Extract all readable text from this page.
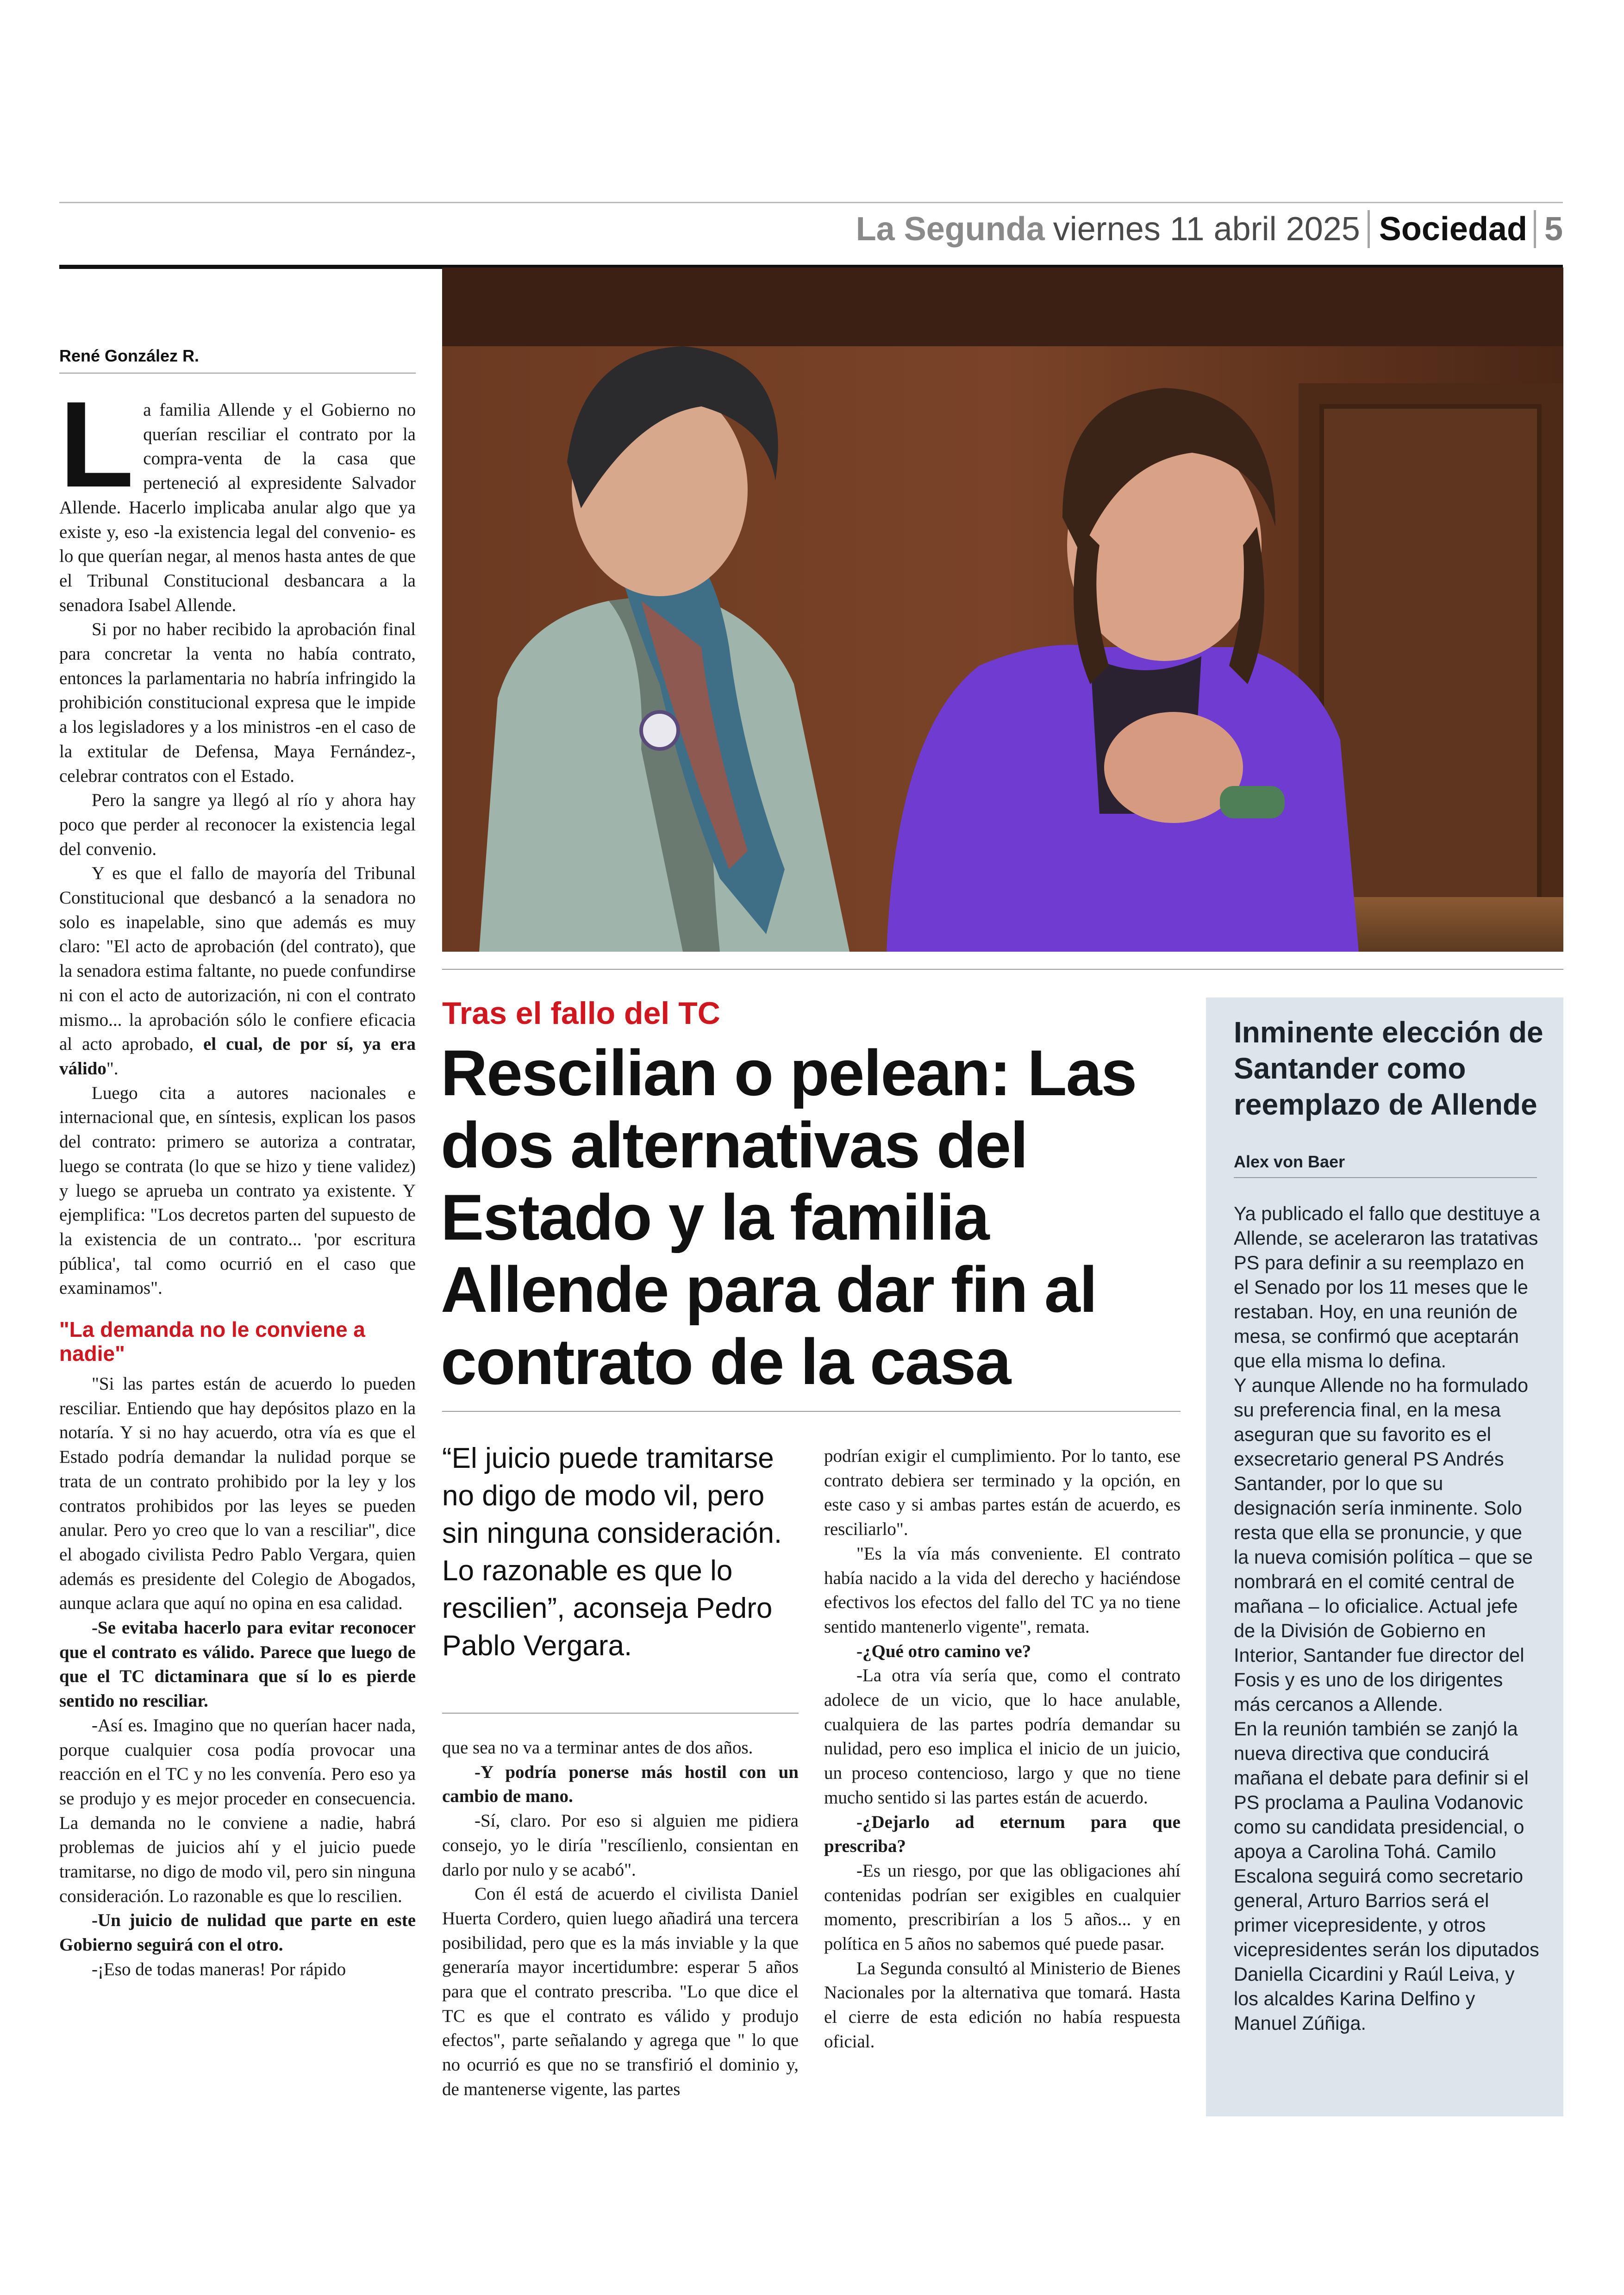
La Segunda viernes 11 abril 2025 Sociedad 5
René González R.

La familia Allende y el Gobierno no querían resciliar el contrato por la compra-venta de la casa que perteneció al expresidente Salvador Allende. Hacerlo implicaba anular algo que ya existe y, eso -la existencia legal del convenio- es lo que querían negar, al menos hasta antes de que el Tribunal Constitucional desbancara a la senadora Isabel Allende.

Si por no haber recibido la aprobación final para concretar la venta no había contrato, entonces la parlamentaria no habría infringido la prohibición constitucional expresa que le impide a los legisladores y a los ministros -en el caso de la extitular de Defensa, Maya Fernández-, celebrar contratos con el Estado.

Pero la sangre ya llegó al río y ahora hay poco que perder al reconocer la existencia legal del convenio.

Y es que el fallo de mayoría del Tribunal Constitucional que desbancó a la senadora no solo es inapelable, sino que además es muy claro: "El acto de aprobación (del contrato), que la senadora estima faltante, no puede confundirse ni con el acto de autorización, ni con el contrato mismo... la aprobación sólo le confiere eficacia al acto aprobado, el cual, de por sí, ya era válido".

Luego cita a autores nacionales e internacional que, en síntesis, explican los pasos del contrato: primero se autoriza a contratar, luego se contrata (lo que se hizo y tiene validez) y luego se aprueba un contrato ya existente. Y ejemplifica: "Los decretos parten del supuesto de la existencia de un contrato... 'por escritura pública', tal como ocurrió en el caso que examinamos".

"La demanda no le conviene a nadie"

"Si las partes están de acuerdo lo pueden resciliar. Entiendo que hay depósitos plazo en la notaría. Y si no hay acuerdo, otra vía es que el Estado podría demandar la nulidad porque se trata de un contrato prohibido por la ley y los contratos prohibidos por las leyes se pueden anular. Pero yo creo que lo van a resciliar", dice el abogado civilista Pedro Pablo Vergara, quien además es presidente del Colegio de Abogados, aunque aclara que aquí no opina en esa calidad.

-Se evitaba hacerlo para evitar reconocer que el contrato es válido. Parece que luego de que el TC dictaminara que sí lo es pierde sentido no resciliar.

-Así es. Imagino que no querían hacer nada, porque cualquier cosa podía provocar una reacción en el TC y no les convenía. Pero eso ya se produjo y es mejor proceder en consecuencia. La demanda no le conviene a nadie, habrá problemas de juicios ahí y el juicio puede tramitarse, no digo de modo vil, pero sin ninguna consideración. Lo razonable es que lo rescilien.

-Un juicio de nulidad que parte en este Gobierno seguirá con el otro.

-¡Eso de todas maneras! Por rápido

Tras el fallo del TC
Rescilian o pelean: Las dos alternativas del Estado y la familia Allende para dar fin al contrato de la casa
“El juicio puede tramitarse no digo de modo vil, pero sin ninguna consideración. Lo razonable es que lo rescilien”, aconseja Pedro Pablo Vergara.

que sea no va a terminar antes de dos años.

-Y podría ponerse más hostil con un cambio de mano.

-Sí, claro. Por eso si alguien me pidiera consejo, yo le diría "rescílienlo, consientan en darlo por nulo y se acabó".

Con él está de acuerdo el civilista Daniel Huerta Cordero, quien luego añadirá una tercera posibilidad, pero que es la más inviable y la que generaría mayor incertidumbre: esperar 5 años para que el contrato prescriba. "Lo que dice el TC es que el contrato es válido y produjo efectos", parte señalando y agrega que " lo que no ocurrió es que no se transfirió el dominio y, de mantenerse vigente, las partes

podrían exigir el cumplimiento. Por lo tanto, ese contrato debiera ser terminado y la opción, en este caso y si ambas partes están de acuerdo, es resciliarlo".

"Es la vía más conveniente. El contrato había nacido a la vida del derecho y haciéndose efectivos los efectos del fallo del TC ya no tiene sentido mantenerlo vigente", remata.

-¿Qué otro camino ve?

-La otra vía sería que, como el contrato adolece de un vicio, que lo hace anulable, cualquiera de las partes podría demandar su nulidad, pero eso implica el inicio de un juicio, un proceso contencioso, largo y que no tiene mucho sentido si las partes están de acuerdo.

-¿Dejarlo ad eternum para que prescriba?

-Es un riesgo, por que las obligaciones ahí contenidas podrían ser exigibles en cualquier momento, prescribirían a los 5 años... y en política en 5 años no sabemos qué puede pasar.

La Segunda consultó al Ministerio de Bienes Nacionales por la alternativa que tomará. Hasta el cierre de esta edición no había respuesta oficial.

Inminente elección de Santander como reemplazo de Allende
Alex von Baer

Ya publicado el fallo que destituye a Allende, se aceleraron las tratativas PS para definir a su reemplazo en el Senado por los 11 meses que le restaban. Hoy, en una reunión de mesa, se confirmó que aceptarán que ella misma lo defina.

Y aunque Allende no ha formulado su preferencia final, en la mesa aseguran que su favorito es el exsecretario general PS Andrés Santander, por lo que su designación sería inminente. Solo resta que ella se pronuncie, y que la nueva comisión política – que se nombrará en el comité central de mañana – lo oficialice. Actual jefe de la División de Gobierno en Interior, Santander fue director del Fosis y es uno de los dirigentes más cercanos a Allende.

En la reunión también se zanjó la nueva directiva que conducirá mañana el debate para definir si el PS proclama a Paulina Vodanovic como su candidata presidencial, o apoya a Carolina Tohá. Camilo Escalona seguirá como secretario general, Arturo Barrios será el primer vicepresidente, y otros vicepresidentes serán los diputados Daniella Cicardini y Raúl Leiva, y los alcaldes Karina Delfino y Manuel Zúñiga.
